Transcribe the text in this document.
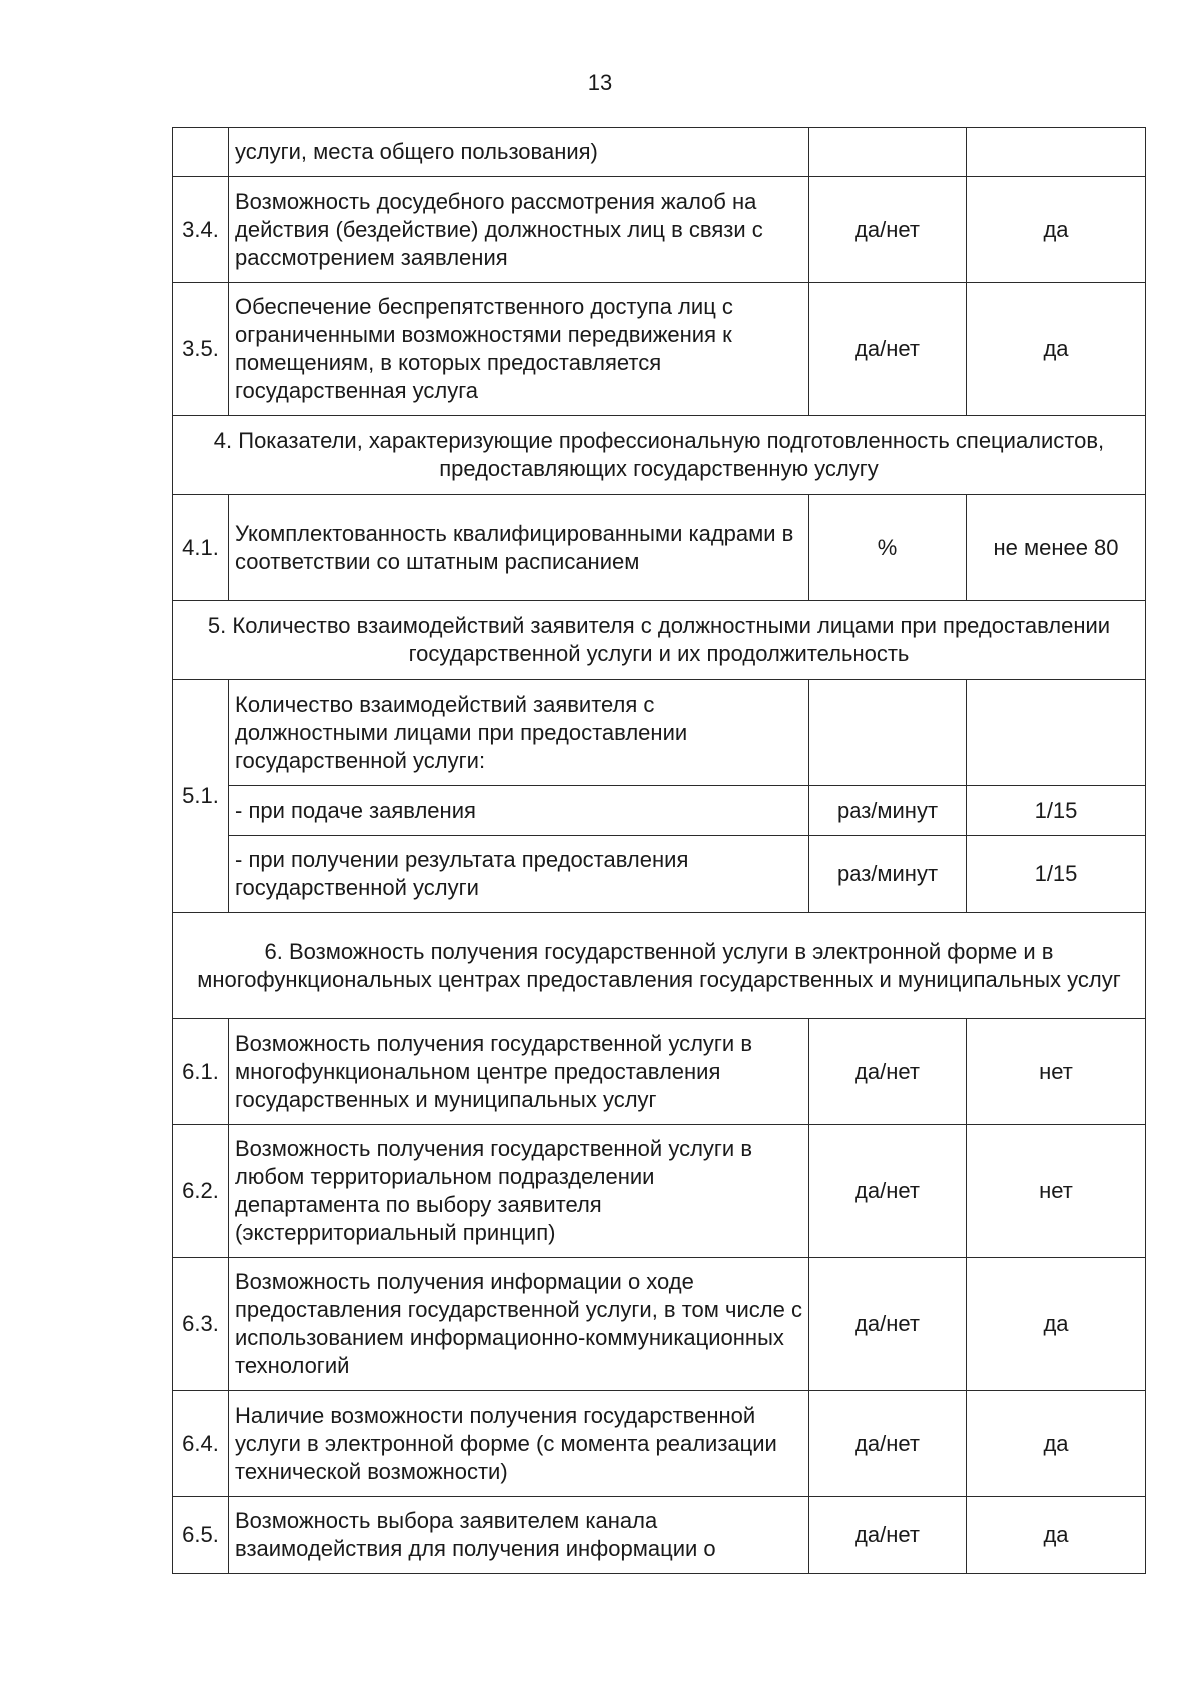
13
	услуги, места общего пользования)		
3.4.	Возможность досудебного рассмотрения жалоб на действия (бездействие) должностных лиц в связи с рассмотрением заявления	да/нет	да
3.5.	Обеспечение беспрепятственного доступа лиц с ограниченными возможностями передвижения к помещениям, в которых предоставляется государственная услуга	да/нет	да
4. Показатели, характеризующие профессиональную подготовленность специалистов, предоставляющих государственную услугу			
4.1.	Укомплектованность квалифицированными кадрами в соответствии со штатным расписанием	%	не менее 80
5. Количество взаимодействий заявителя с должностными лицами при предоставлении государственной услуги и их продолжительность			
5.1.	Количество взаимодействий заявителя с должностными лицами при предоставлении государственной услуги:		
	- при подаче заявления	раз/минут	1/15
	- при получении результата предоставления государственной услуги	раз/минут	1/15
6. Возможность получения государственной услуги в электронной форме и в многофункциональных центрах предоставления государственных и муниципальных услуг			
6.1.	Возможность получения государственной услуги в многофункциональном центре предоставления государственных и муниципальных услуг	да/нет	нет
6.2.	Возможность получения государственной услуги в любом территориальном подразделении департамента по выбору заявителя (экстерриториальный принцип)	да/нет	нет
6.3.	Возможность получения информации о ходе предоставления государственной услуги, в том числе с использованием информационно-коммуникационных технологий	да/нет	да
6.4.	Наличие возможности получения государственной услуги в электронной форме (с момента реализации технической возможности)	да/нет	да
6.5.	Возможность выбора заявителем канала взаимодействия для получения информации о	да/нет	да
